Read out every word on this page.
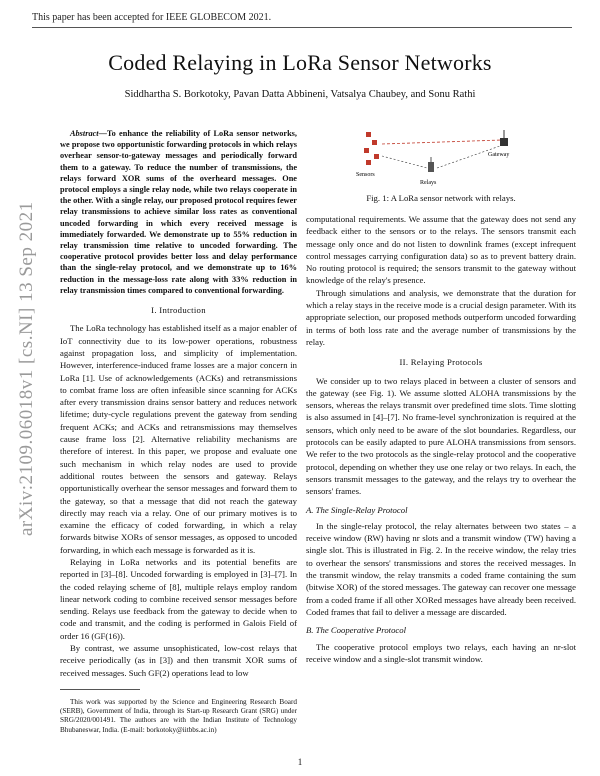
This paper has been accepted for IEEE GLOBECOM 2021.
Coded Relaying in LoRa Sensor Networks
Siddhartha S. Borkotoky, Pavan Datta Abbineni, Vatsalya Chaubey, and Sonu Rathi
arXiv:2109.06018v1 [cs.NI] 13 Sep 2021

Abstract—To enhance the reliability of LoRa sensor networks, we propose two opportunistic forwarding protocols in which relays overhear sensor-to-gateway messages and periodically forward them to a gateway. To reduce the number of transmissions, the relays forward XOR sums of the overheard messages. One protocol employs a single relay node, while two relays cooperate in the other. With a single relay, our proposed protocol requires fewer relay transmissions to achieve similar loss rates as conventional uncoded forwarding in which every received message is immediately forwarded. We demonstrate up to 55% reduction in relay transmission time relative to uncoded forwarding. The cooperative protocol provides better loss and delay performance than the single-relay protocol, and we demonstrate up to 16% reduction in the message-loss rate along with 33% reduction in relay transmission times compared to conventional forwarding.

I. Introduction

The LoRa technology has established itself as a major enabler of IoT connectivity due to its low-power operations, robustness against propagation loss, and simplicity of implementation. However, interference-induced frame losses are a major concern in LoRa [1]. Use of acknowledgements (ACKs) and retransmissions to combat frame loss are often infeasible since scanning for ACKs after every transmission drains sensor battery and reduces network lifetime; duty-cycle regulations prevent the gateway from sending frequent ACKs; and ACKs and retransmissions may themselves cause frame loss [2]. Alternative reliability mechanisms are therefore of interest. In this paper, we propose and evaluate one such mechanism in which relay nodes are used to provide additional routes between the sensors and gateway. Relays opportunistically overhear the sensor messages and forward them to the gateway, so that a message that did not reach the gateway directly may reach via a relay. One of our primary motives is to examine the efficacy of coded forwarding, in which a relay forwards bitwise XORs of sensor messages, as opposed to uncoded forwarding, in which each message is forwarded as it is.

Relaying in LoRa networks and its potential benefits are reported in [3]–[8]. Uncoded forwarding is employed in [3]–[7]. In the coded relaying scheme of [8], multiple relays employ random linear network coding to combine received sensor messages before sending. Relays use feedback from the gateway to decide when to code and transmit, and the coding is performed in Galois Field of order 16 (GF(16)).

By contrast, we assume unsophisticated, low-cost relays that receive periodically (as in [3]) and then transmit XOR sums of received messages. Such GF(2) operations lead to low

This work was supported by the Science and Engineering Research Board (SERB), Government of India, through its Start-up Research Grant (SRG) under SRG/2020/001491. The authors are with the Indian Institute of Technology Bhubaneswar, India. (E-mail: borkotoky@iitbbs.ac.in)

Sensors
Relays
Gateway
Fig. 1: A LoRa sensor network with relays.

computational requirements. We assume that the gateway does not send any feedback either to the sensors or to the relays. The sensors transmit each message only once and do not listen to downlink frames (except infrequent control messages carrying configuration data) so as to prevent battery drain. No routing protocol is required; the sensors transmit to the gateway without knowledge of the relay's presence.

Through simulations and analysis, we demonstrate that the duration for which a relay stays in the receive mode is a crucial design parameter. With its appropriate selection, our proposed methods outperform uncoded forwarding in terms of both loss rate and the average number of transmissions by the relay.

II. Relaying Protocols

We consider up to two relays placed in between a cluster of sensors and the gateway (see Fig. 1). We assume slotted ALOHA transmissions by the sensors, whereas the relays transmit over predefined time slots. Time slotting is also assumed in [4]–[7]. No frame-level synchronization is required at the sensors, which only need to be aware of the slot boundaries. Regardless, our protocols can be easily adapted to pure ALOHA transmissions from sensors. We refer to the two protocols as the single-relay protocol and the cooperative protocol, depending on whether they use one relay or two relays. In each, the sensors transmit messages to the gateway, and the relays try to overhear the sensors' frames.

A. The Single-Relay Protocol

In the single-relay protocol, the relay alternates between two states – a receive window (RW) having nr slots and a transmit window (TW) having a single slot. This is illustrated in Fig. 2. In the receive window, the relay tries to overhear the sensors' transmissions and stores the received messages. In the transmit window, the relay transmits a coded frame containing the sum (bitwise XOR) of the stored messages. The gateway can recover one message from a coded frame if all other XORed messages have already been received. Coded frames that fail to deliver a message are discarded.

B. The Cooperative Protocol

The cooperative protocol employs two relays, each having an nr-slot receive window and a single-slot transmit window.

1
